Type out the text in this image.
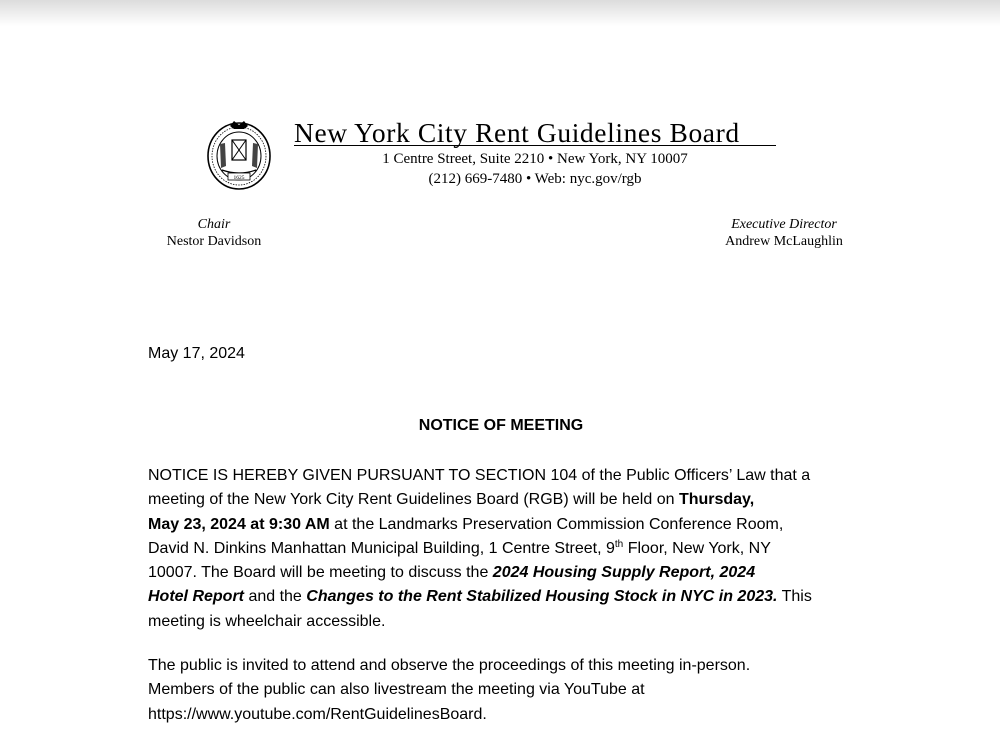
1625
New York City Rent Guidelines Board
1 Centre Street, Suite 2210 • New York, NY 10007
(212) 669-7480 • Web: nyc.gov/rgb
Chair
Nestor Davidson
Executive Director
Andrew McLaughlin
May 17, 2024
NOTICE OF MEETING
NOTICE IS HEREBY GIVEN PURSUANT TO SECTION 104 of the Public Officers’ Law that a
meeting of the New York City Rent Guidelines Board (RGB) will be held on Thursday,
May 23, 2024 at 9:30 AM at the Landmarks Preservation Commission Conference Room,
David N. Dinkins Manhattan Municipal Building, 1 Centre Street, 9th Floor, New York, NY
10007. The Board will be meeting to discuss the 2024 Housing Supply Report, 2024
Hotel Report and the Changes to the Rent Stabilized Housing Stock in NYC in 2023. This
meeting is wheelchair accessible.
The public is invited to attend and observe the proceedings of this meeting in-person.
Members of the public can also livestream the meeting via YouTube at
https://www.youtube.com/RentGuidelinesBoard.
